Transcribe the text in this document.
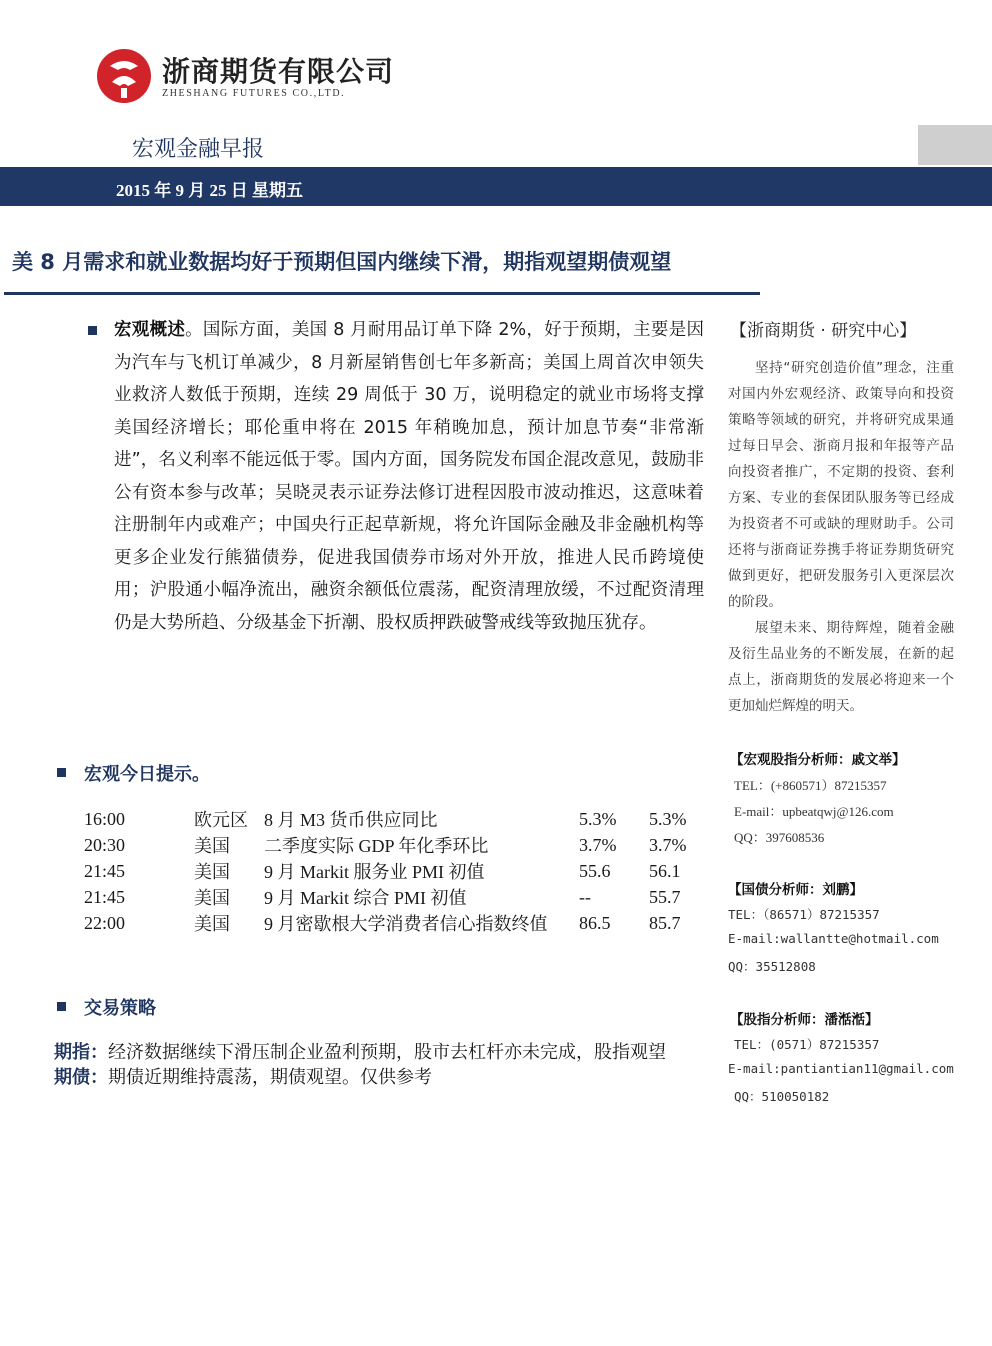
浙商期货有限公司
ZHESHANG FUTURES CO.,LTD.
宏观金融早报
2015 年 9 月 25 日 星期五
美 8 月需求和就业数据均好于预期但国内继续下滑，期指观望期债观望
宏观概述。国际方面，美国 8 月耐用品订单下降 2%，好于预期，主要是因为汽车与飞机订单减少，8 月新屋销售创七年多新高；美国上周首次申领失业救济人数低于预期，连续 29 周低于 30 万，说明稳定的就业市场将支撑美国经济增长；耶伦重申将在 2015 年稍晚加息，预计加息节奏“非常渐进”，名义利率不能远低于零。国内方面，国务院发布国企混改意见，鼓励非公有资本参与改革；吴晓灵表示证券法修订进程因股市波动推迟，这意味着注册制年内或难产；中国央行正起草新规，将允许国际金融及非金融机构等更多企业发行熊猫债券，促进我国债券市场对外开放，推进人民币跨境使用；沪股通小幅净流出，融资余额低位震荡，配资清理放缓，不过配资清理仍是大势所趋、分级基金下折潮、股权质押跌破警戒线等致抛压犹存。
宏观今日提示。
16:00	欧元区	8 月 M3 货币供应同比	5.3%	5.3%
20:30	美国	二季度实际 GDP 年化季环比	3.7%	3.7%
21:45	美国	9 月 Markit 服务业 PMI 初值	55.6	56.1
21:45	美国	9 月 Markit 综合 PMI 初值	--	55.7
22:00	美国	9 月密歇根大学消费者信心指数终值	86.5	85.7
交易策略

期指：经济数据继续下滑压制企业盈利预期，股市去杠杆亦未完成，股指观望

期债：期债近期维持震荡，期债观望。仅供参考

【浙商期货 · 研究中心】

坚持“研究创造价值”理念，注重对国内外宏观经济、政策导向和投资策略等领域的研究，并将研究成果通过每日早会、浙商月报和年报等产品向投资者推广，不定期的投资、套利方案、专业的套保团队服务等已经成为投资者不可或缺的理财助手。公司还将与浙商证券携手将证券期货研究做到更好，把研发服务引入更深层次的阶段。

展望未来、期待辉煌，随着金融及衍生品业务的不断发展，在新的起点上，浙商期货的发展必将迎来一个更加灿烂辉煌的明天。

【宏观股指分析师：戚文举】
TEL：(+860571）87215357
E-mail：upbeatqwj@126.com
QQ：397608536
【国债分析师：刘鹏】
TEL：（86571）87215357
E-mail:wallantte@hotmail.com
QQ：35512808
【股指分析师：潘湉湉】
TEL：(0571）87215357
E-mail:pantiantian11@gmail.com
QQ：510050182
